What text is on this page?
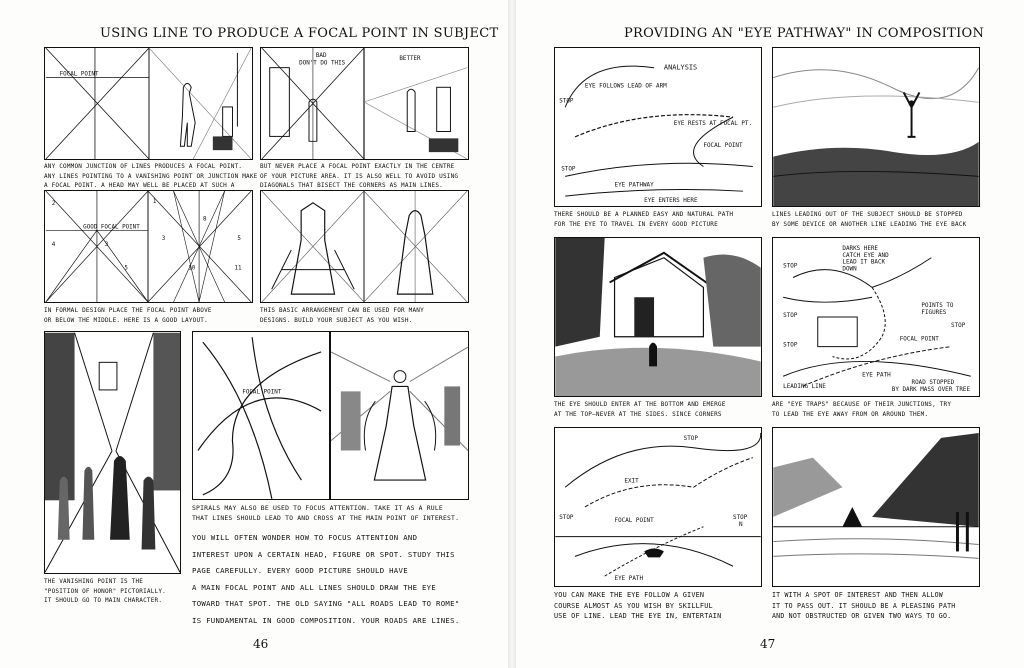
USING LINE TO PRODUCE A FOCAL POINT IN SUBJECT
FOCAL POINT
BAD
DON'T DO THIS
BETTER
ANY COMMON JUNCTION OF LINES PRODUCES A FOCAL POINT.
ANY LINES POINTING TO A VANISHING POINT OR JUNCTION MAKE
A FOCAL POINT. A HEAD MAY WELL BE PLACED AT SUCH A
BUT NEVER PLACE A FOCAL POINT EXACTLY IN THE CENTRE
OF YOUR PICTURE AREA. IT IS ALSO WELL TO AVOID USING
DIAGONALS THAT BISECT THE CORNERS AS MAIN LINES.
2
4	3
5
GOOD FOCAL POINT
1
3	5
8
10	11
IN FORMAL DESIGN PLACE THE FOCAL POINT ABOVE
OR BELOW THE MIDDLE. HERE IS A GOOD LAYOUT.
THIS BASIC ARRANGEMENT CAN BE USED FOR MANY
DESIGNS. BUILD YOUR SUBJECT AS YOU WISH.
FOCAL POINT
THE VANISHING POINT IS THE
"POSITION OF HONOR" PICTORIALLY.
IT SHOULD GO TO MAIN CHARACTER.
SPIRALS MAY ALSO BE USED TO FOCUS ATTENTION. TAKE IT AS A RULE
THAT LINES SHOULD LEAD TO AND CROSS AT THE MAIN POINT OF INTEREST.
YOU WILL OFTEN WONDER HOW TO FOCUS ATTENTION AND
INTEREST UPON A CERTAIN HEAD, FIGURE OR SPOT. STUDY THIS
PAGE CAREFULLY. EVERY GOOD PICTURE SHOULD HAVE
A MAIN FOCAL POINT AND ALL LINES SHOULD DRAW THE EYE
TOWARD THAT SPOT. THE OLD SAYING "ALL ROADS LEAD TO ROME"
IS FUNDAMENTAL IN GOOD COMPOSITION. YOUR ROADS ARE LINES.
46
PROVIDING AN "EYE PATHWAY" IN COMPOSITION
ANALYSIS
STOP
STOP
EYE PATHWAY
EYE RESTS AT FOCAL PT.
FOCAL POINT
EYE ENTERS HERE
EYE FOLLOWS LEAD OF ARM
THERE SHOULD BE A PLANNED EASY AND NATURAL PATH
FOR THE EYE TO TRAVEL IN EVERY GOOD PICTURE
LINES LEADING OUT OF THE SUBJECT SHOULD BE STOPPED
BY SOME DEVICE OR ANOTHER LINE LEADING THE EYE BACK
DARKS HERE CATCH EYE AND LEAD IT BACK DOWN
STOP
STOP
STOP
STOP
POINTS TO FIGURES
FOCAL POINT
LEADING LINE
EYE PATH
ROAD STOPPED BY DARK MASS OVER TREE
THE EYE SHOULD ENTER AT THE BOTTOM AND EMERGE
AT THE TOP—NEVER AT THE SIDES. SINCE CORNERS
ARE "EYE TRAPS" BECAUSE OF THEIR JUNCTIONS, TRY
TO LEAD THE EYE AWAY FROM OR AROUND THEM.
EXIT
STOP
STOP	STOP N
FOCAL POINT
EYE PATH
YOU CAN MAKE THE EYE FOLLOW A GIVEN
COURSE ALMOST AS YOU WISH BY SKILLFUL
USE OF LINE. LEAD THE EYE IN, ENTERTAIN
IT WITH A SPOT OF INTEREST AND THEN ALLOW
IT TO PASS OUT. IT SHOULD BE A PLEASING PATH
AND NOT OBSTRUCTED OR GIVEN TWO WAYS TO GO.
47
